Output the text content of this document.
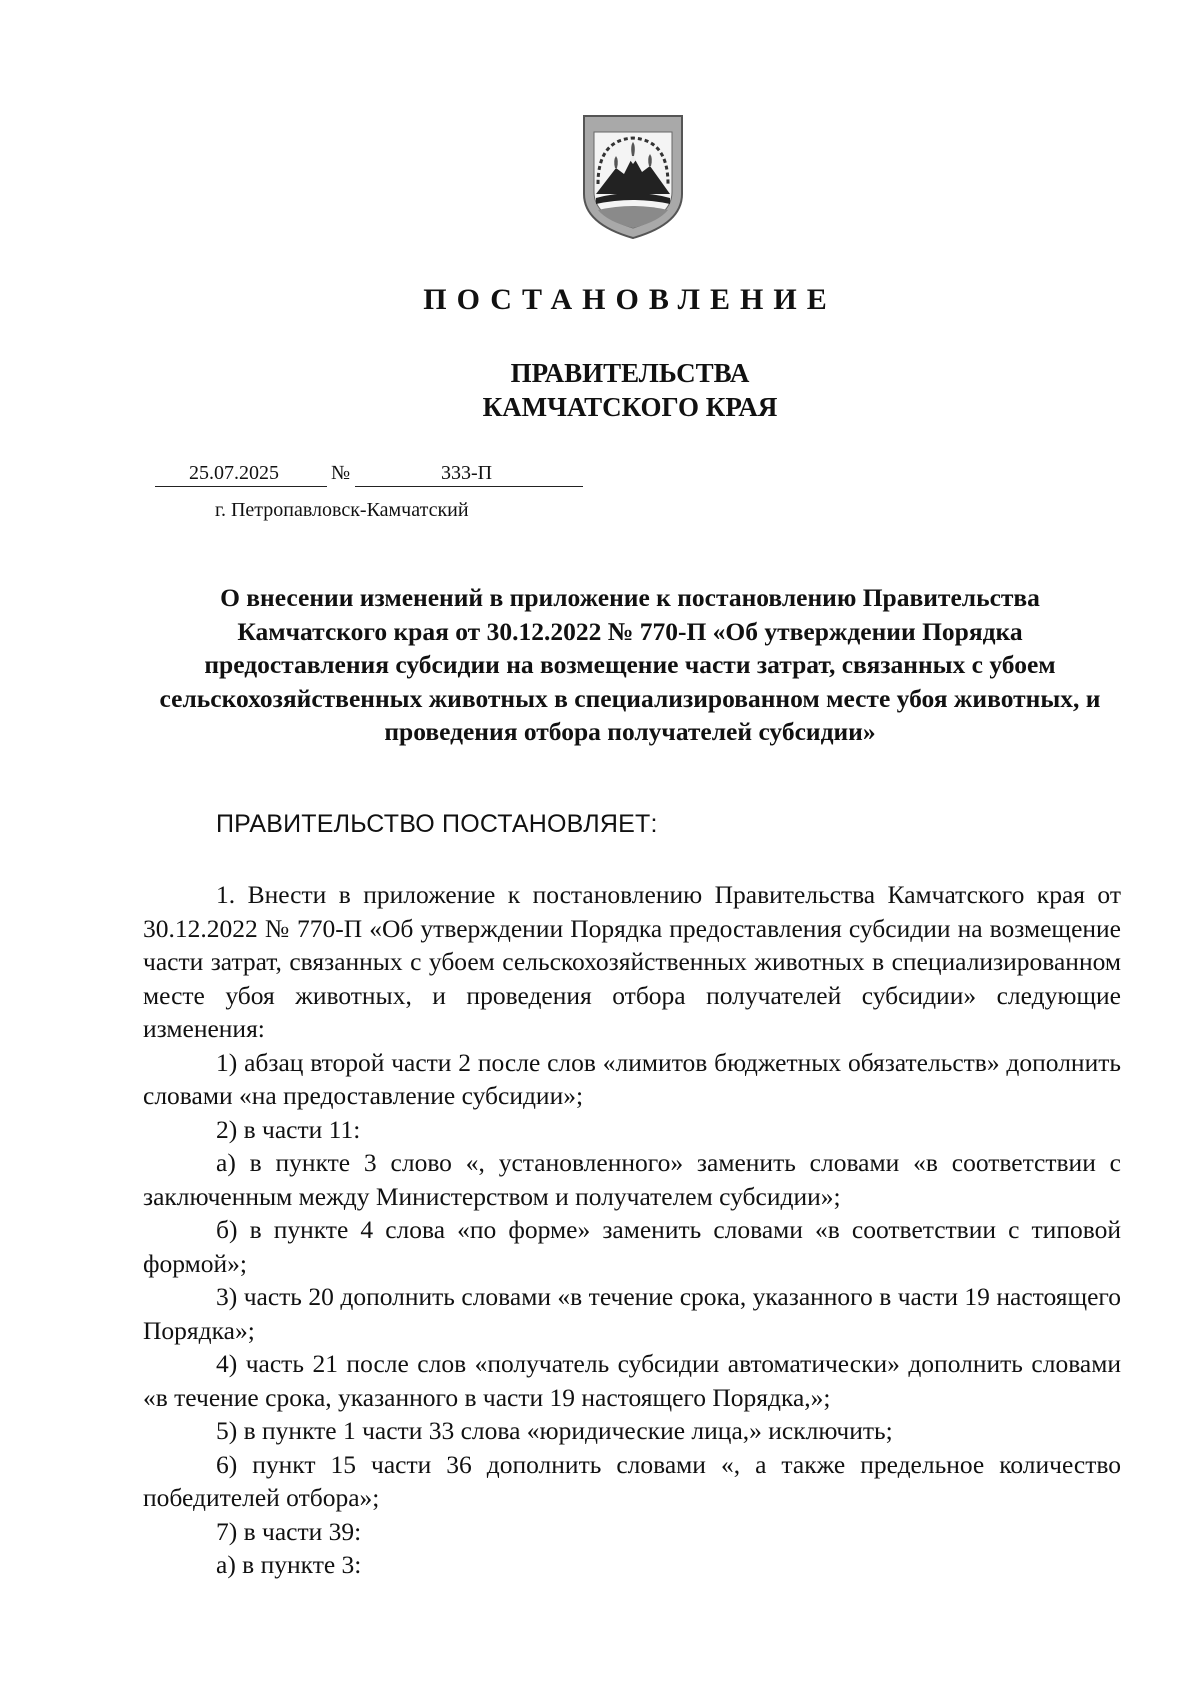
ПОСТАНОВЛЕНИЕ
ПРАВИТЕЛЬСТВА
КАМЧАТСКОГО КРАЯ
25.07.2025	№	333-П
г. Петропавловск-Камчатский
О внесении изменений в приложение к постановлению Правительства Камчатского края от 30.12.2022 № 770-П «Об утверждении Порядка предоставления субсидии на возмещение части затрат, связанных с убоем сельскохозяйственных животных в специализированном месте убоя животных, и проведения отбора получателей субсидии»
ПРАВИТЕЛЬСТВО ПОСТАНОВЛЯЕТ:

1. Внести в приложение к постановлению Правительства Камчатского края от 30.12.2022 № 770-П «Об утверждении Порядка предоставления субсидии на возмещение части затрат, связанных с убоем сельскохозяйственных животных в специализированном месте убоя животных, и проведения отбора получателей субсидии» следующие изменения:

1) абзац второй части 2 после слов «лимитов бюджетных обязательств» дополнить словами «на предоставление субсидии»;

2) в части 11:

а) в пункте 3 слово «, установленного» заменить словами «в соответствии с заключенным между Министерством и получателем субсидии»;

б) в пункте 4 слова «по форме» заменить словами «в соответствии с типовой формой»;

3) часть 20 дополнить словами «в течение срока, указанного в части 19 настоящего Порядка»;

4) часть 21 после слов «получатель субсидии автоматически» дополнить словами «в течение срока, указанного в части 19 настоящего Порядка,»;

5) в пункте 1 части 33 слова «юридические лица,» исключить;

6) пункт 15 части 36 дополнить словами «, а также предельное количество победителей отбора»;

7) в части 39:

а) в пункте 3:
